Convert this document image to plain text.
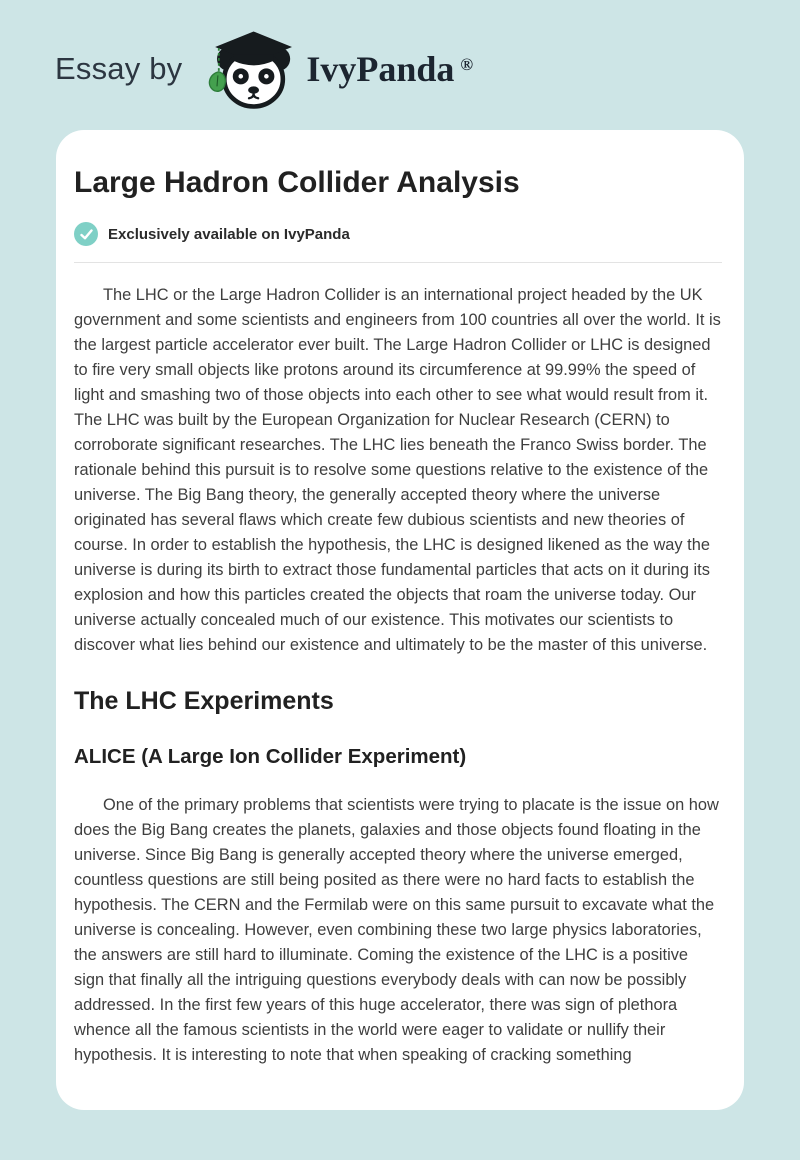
Essay by	IvyPanda ®
Large Hadron Collider Analysis
Exclusively available on IvyPanda

The LHC or the Large Hadron Collider is an international project headed by the UK government and some scientists and engineers from 100 countries all over the world. It is the largest particle accelerator ever built. The Large Hadron Collider or LHC is designed to fire very small objects like protons around its circumference at 99.99% the speed of light and smashing two of those objects into each other to see what would result from it. The LHC was built by the European Organization for Nuclear Research (CERN) to corroborate significant researches. The LHC lies beneath the Franco Swiss border. The rationale behind this pursuit is to resolve some questions relative to the existence of the universe. The Big Bang theory, the generally accepted theory where the universe originated has several flaws which create few dubious scientists and new theories of course. In order to establish the hypothesis, the LHC is designed likened as the way the universe is during its birth to extract those fundamental particles that acts on it during its explosion and how this particles created the objects that roam the universe today. Our universe actually concealed much of our existence. This motivates our scientists to discover what lies behind our existence and ultimately to be the master of this universe.

The LHC Experiments
ALICE (A Large Ion Collider Experiment)

One of the primary problems that scientists were trying to placate is the issue on how does the Big Bang creates the planets, galaxies and those objects found floating in the universe. Since Big Bang is generally accepted theory where the universe emerged, countless questions are still being posited as there were no hard facts to establish the hypothesis. The CERN and the Fermilab were on this same pursuit to excavate what the universe is concealing. However, even combining these two large physics laboratories, the answers are still hard to illuminate. Coming the existence of the LHC is a positive sign that finally all the intriguing questions everybody deals with can now be possibly addressed. In the first few years of this huge accelerator, there was sign of plethora whence all the famous scientists in the world were eager to validate or nullify their hypothesis. It is interesting to note that when speaking of cracking something
